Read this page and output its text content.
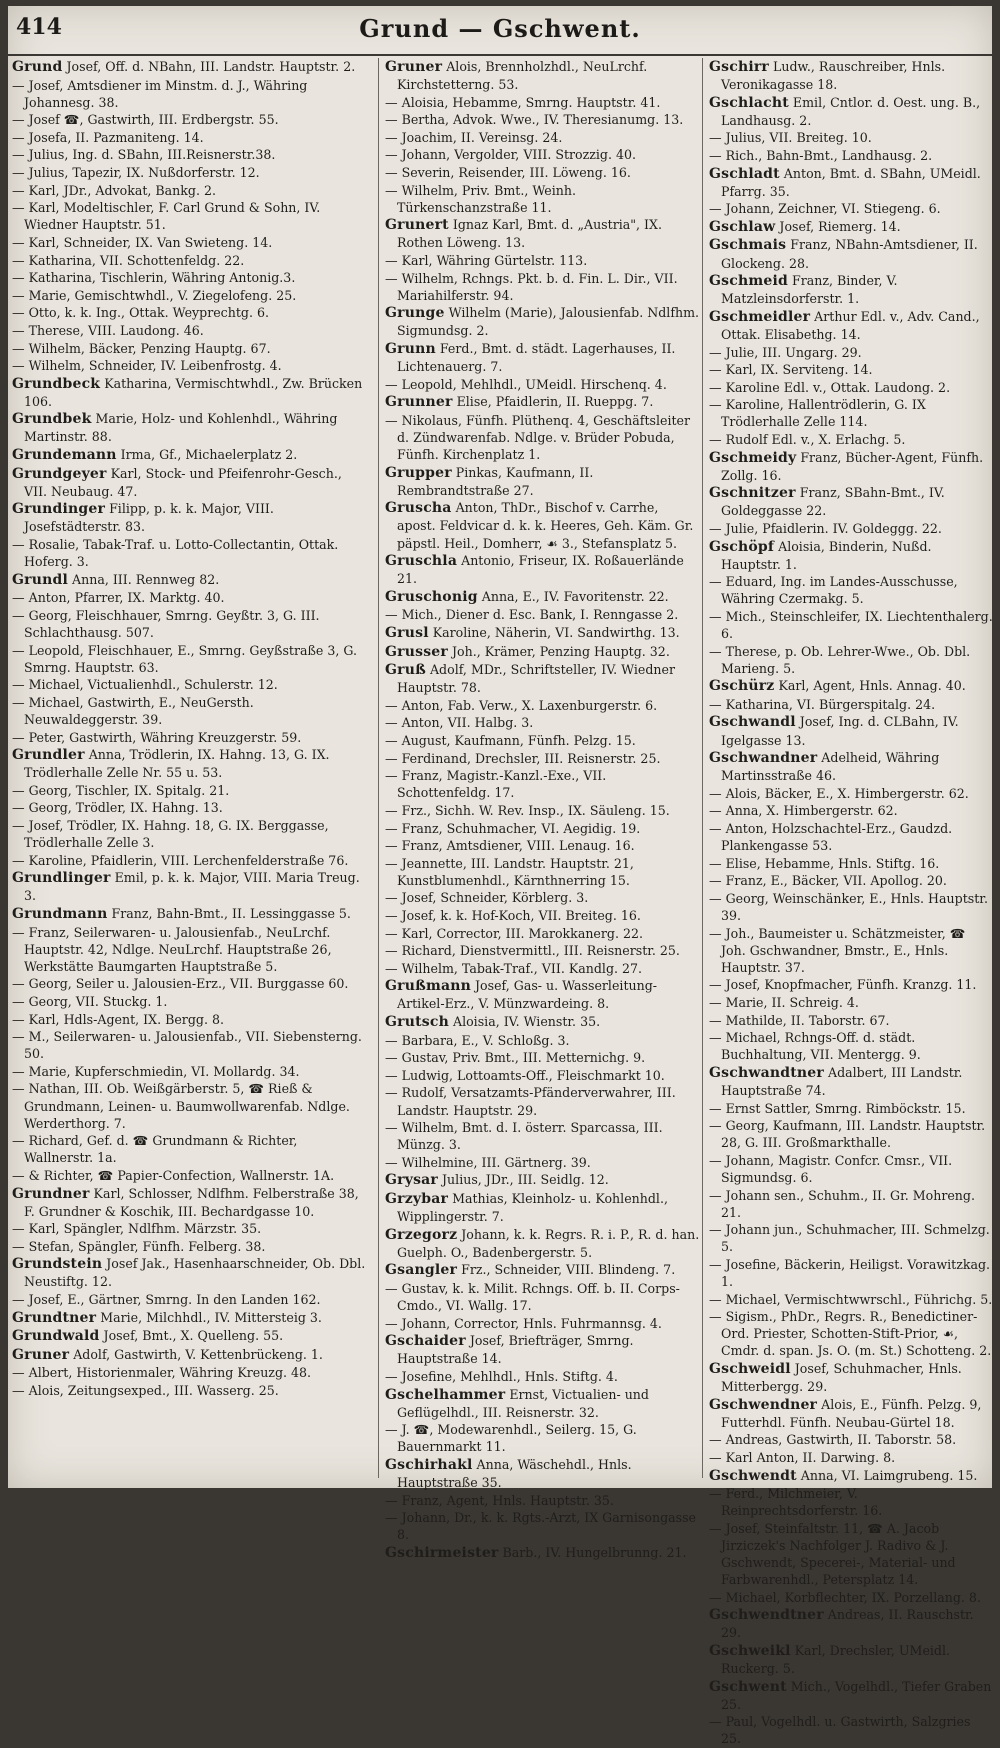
414	Grund — Gschwent.
Grund Josef, Off. d. NBahn, III. Landstr. Hauptstr. 2.
— Josef, Amtsdiener im Minstm. d. J., Währing Johannesg. 38.
— Josef ☎, Gastwirth, III. Erdbergstr. 55.
— Josefa, II. Pazmaniteng. 14.
— Julius, Ing. d. SBahn, III.Reisnerstr.38.
— Julius, Tapezir, IX. Nußdorferstr. 12.
— Karl, JDr., Advokat, Bankg. 2.
— Karl, Modeltischler, F. Carl Grund & Sohn, IV. Wiedner Hauptstr. 51.
— Karl, Schneider, IX. Van Swieteng. 14.
— Katharina, VII. Schottenfeldg. 22.
— Katharina, Tischlerin, Währing Antonig.3.
— Marie, Gemischtwhdl., V. Ziegelofeng. 25.
— Otto, k. k. Ing., Ottak. Weyprechtg. 6.
— Therese, VIII. Laudong. 46.
— Wilhelm, Bäcker, Penzing Hauptg. 67.
— Wilhelm, Schneider, IV. Leibenfrostg. 4.
Grundbeck Katharina, Vermischtwhdl., Zw. Brücken 106.
Grundbek Marie, Holz- und Kohlenhdl., Währing Martinstr. 88.
Grundemann Irma, Gf., Michaelerplatz 2.
Grundgeyer Karl, Stock- und Pfeifenrohr-Gesch., VII. Neubaug. 47.
Grundinger Filipp, p. k. k. Major, VIII. Josefstädterstr. 83.
— Rosalie, Tabak-Traf. u. Lotto-Collectantin, Ottak. Hoferg. 3.
Grundl Anna, III. Rennweg 82.
— Anton, Pfarrer, IX. Marktg. 40.
— Georg, Fleischhauer, Smrng. Geyßtr. 3, G. III. Schlachthausg. 507.
— Leopold, Fleischhauer, E., Smrng. Geyßstraße 3, G. Smrng. Hauptstr. 63.
— Michael, Victualienhdl., Schulerstr. 12.
— Michael, Gastwirth, E., NeuGersth. Neuwaldeggerstr. 39.
— Peter, Gastwirth, Währing Kreuzgerstr. 59.
Grundler Anna, Trödlerin, IX. Hahng. 13, G. IX. Trödlerhalle Zelle Nr. 55 u. 53.
— Georg, Tischler, IX. Spitalg. 21.
— Georg, Trödler, IX. Hahng. 13.
— Josef, Trödler, IX. Hahng. 18, G. IX. Berggasse, Trödlerhalle Zelle 3.
— Karoline, Pfaidlerin, VIII. Lerchenfelderstraße 76.
Grundlinger Emil, p. k. k. Major, VIII. Maria Treug. 3.
Grundmann Franz, Bahn-Bmt., II. Lessinggasse 5.
— Franz, Seilerwaren- u. Jalousienfab., NeuLrchf. Hauptstr. 42, Ndlge. NeuLrchf. Hauptstraße 26, Werkstätte Baumgarten Hauptstraße 5.
— Georg, Seiler u. Jalousien-Erz., VII. Burggasse 60.
— Georg, VII. Stuckg. 1.
— Karl, Hdls-Agent, IX. Bergg. 8.
— M., Seilerwaren- u. Jalousienfab., VII. Siebensterng. 50.
— Marie, Kupferschmiedin, VI. Mollardg. 34.
— Nathan, III. Ob. Weißgärberstr. 5, ☎ Rieß & Grundmann, Leinen- u. Baumwollwarenfab. Ndlge. Werderthorg. 7.
— Richard, Gef. d. ☎ Grundmann & Richter, Wallnerstr. 1a.
— & Richter, ☎ Papier-Confection, Wallnerstr. 1A.
Grundner Karl, Schlosser, Ndlfhm. Felberstraße 38, F. Grundner & Koschik, III. Bechardgasse 10.
— Karl, Spängler, Ndlfhm. Märzstr. 35.
— Stefan, Spängler, Fünfh. Felberg. 38.
Grundstein Josef Jak., Hasenhaarschneider, Ob. Dbl. Neustiftg. 12.
— Josef, E., Gärtner, Smrng. In den Landen 162.
Grundtner Marie, Milchhdl., IV. Mittersteig 3.
Grundwald Josef, Bmt., X. Quelleng. 55.
Gruner Adolf, Gastwirth, V. Kettenbrückeng. 1.
— Albert, Historienmaler, Währing Kreuzg. 48.
— Alois, Zeitungsexped., III. Wasserg. 25.
Gruner Alois, Brennholzhdl., NeuLrchf. Kirchstetterng. 53.
— Aloisia, Hebamme, Smrng. Hauptstr. 41.
— Bertha, Advok. Wwe., IV. Theresianumg. 13.
— Joachim, II. Vereinsg. 24.
— Johann, Vergolder, VIII. Strozzig. 40.
— Severin, Reisender, III. Löweng. 16.
— Wilhelm, Priv. Bmt., Weinh. Türkenschanzstraße 11.
Grunert Ignaz Karl, Bmt. d. „Austria", IX. Rothen Löweng. 13.
— Karl, Währing Gürtelstr. 113.
— Wilhelm, Rchngs. Pkt. b. d. Fin. L. Dir., VII. Mariahilferstr. 94.
Grunge Wilhelm (Marie), Jalousienfab. Ndlfhm. Sigmundsg. 2.
Grunn Ferd., Bmt. d. städt. Lagerhauses, II. Lichtenauerg. 7.
— Leopold, Mehlhdl., UMeidl. Hirschenq. 4.
Grunner Elise, Pfaidlerin, II. Rueppg. 7.
— Nikolaus, Fünfh. Plüthenq. 4, Geschäftsleiter d. Zündwarenfab. Ndlge. v. Brüder Pobuda, Fünfh. Kirchenplatz 1.
Grupper Pinkas, Kaufmann, II. Rembrandtstraße 27.
Gruscha Anton, ThDr., Bischof v. Carrhe, apost. Feldvicar d. k. k. Heeres, Geh. Käm. Gr. päpstl. Heil., Domherr, ☙ 3., Stefansplatz 5.
Gruschla Antonio, Friseur, IX. Roßauerlände 21.
Gruschonig Anna, E., IV. Favoritenstr. 22.
— Mich., Diener d. Esc. Bank, I. Renngasse 2.
Grusl Karoline, Näherin, VI. Sandwirthg. 13.
Grusser Joh., Krämer, Penzing Hauptg. 32.
Gruß Adolf, MDr., Schriftsteller, IV. Wiedner Hauptstr. 78.
— Anton, Fab. Verw., X. Laxenburgerstr. 6.
— Anton, VII. Halbg. 3.
— August, Kaufmann, Fünfh. Pelzg. 15.
— Ferdinand, Drechsler, III. Reisnerstr. 25.
— Franz, Magistr.-Kanzl.-Exe., VII. Schottenfeldg. 17.
— Frz., Sichh. W. Rev. Insp., IX. Säuleng. 15.
— Franz, Schuhmacher, VI. Aegidig. 19.
— Franz, Amtsdiener, VIII. Lenaug. 16.
— Jeannette, III. Landstr. Hauptstr. 21, Kunstblumenhdl., Kärnthnerring 15.
— Josef, Schneider, Körblerg. 3.
— Josef, k. k. Hof-Koch, VII. Breiteg. 16.
— Karl, Corrector, III. Marokkanerg. 22.
— Richard, Dienstvermittl., III. Reisnerstr. 25.
— Wilhelm, Tabak-Traf., VII. Kandlg. 27.
Grußmann Josef, Gas- u. Wasserleitung-Artikel-Erz., V. Münzwardeing. 8.
Grutsch Aloisia, IV. Wienstr. 35.
— Barbara, E., V. Schloßg. 3.
— Gustav, Priv. Bmt., III. Metternichg. 9.
— Ludwig, Lottoamts-Off., Fleischmarkt 10.
— Rudolf, Versatzamts-Pfänderverwahrer, III. Landstr. Hauptstr. 29.
— Wilhelm, Bmt. d. I. österr. Sparcassa, III. Münzg. 3.
— Wilhelmine, III. Gärtnerg. 39.
Grysar Julius, JDr., III. Seidlg. 12.
Grzybar Mathias, Kleinholz- u. Kohlenhdl., Wipplingerstr. 7.
Grzegorz Johann, k. k. Regrs. R. i. P., R. d. han. Guelph. O., Badenbergerstr. 5.
Gsangler Frz., Schneider, VIII. Blindeng. 7.
— Gustav, k. k. Milit. Rchngs. Off. b. II. Corps-Cmdo., VI. Wallg. 17.
— Johann, Corrector, Hnls. Fuhrmannsg. 4.
Gschaider Josef, Briefträger, Smrng. Hauptstraße 14.
— Josefine, Mehlhdl., Hnls. Stiftg. 4.
Gschelhammer Ernst, Victualien- und Geflügelhdl., III. Reisnerstr. 32.
— J. ☎, Modewarenhdl., Seilerg. 15, G. Bauernmarkt 11.
Gschirhakl Anna, Wäschehdl., Hnls. Hauptstraße 35.
— Franz, Agent, Hnls. Hauptstr. 35.
— Johann, Dr., k. k. Rgts.-Arzt, IX Garnisongasse 8.
Gschirmeister Barb., IV. Hungelbrunng. 21.
Gschirr Ludw., Rauschreiber, Hnls. Veronikagasse 18.
Gschlacht Emil, Cntlor. d. Oest. ung. B., Landhausg. 2.
— Julius, VII. Breiteg. 10.
— Rich., Bahn-Bmt., Landhausg. 2.
Gschladt Anton, Bmt. d. SBahn, UMeidl. Pfarrg. 35.
— Johann, Zeichner, VI. Stiegeng. 6.
Gschlaw Josef, Riemerg. 14.
Gschmais Franz, NBahn-Amtsdiener, II. Glockeng. 28.
Gschmeid Franz, Binder, V. Matzleinsdorferstr. 1.
Gschmeidler Arthur Edl. v., Adv. Cand., Ottak. Elisabethg. 14.
— Julie, III. Ungarg. 29.
— Karl, IX. Serviteng. 14.
— Karoline Edl. v., Ottak. Laudong. 2.
— Karoline, Hallentrödlerin, G. IX Trödlerhalle Zelle 114.
— Rudolf Edl. v., X. Erlachg. 5.
Gschmeidy Franz, Bücher-Agent, Fünfh. Zollg. 16.
Gschnitzer Franz, SBahn-Bmt., IV. Goldeggasse 22.
— Julie, Pfaidlerin. IV. Goldeggg. 22.
Gschöpf Aloisia, Binderin, Nußd. Hauptstr. 1.
— Eduard, Ing. im Landes-Ausschusse, Währing Czermakg. 5.
— Mich., Steinschleifer, IX. Liechtenthalerg. 6.
— Therese, p. Ob. Lehrer-Wwe., Ob. Dbl. Marieng. 5.
Gschürz Karl, Agent, Hnls. Annag. 40.
— Katharina, VI. Bürgerspitalg. 24.
Gschwandl Josef, Ing. d. CLBahn, IV. Igelgasse 13.
Gschwandner Adelheid, Währing Martinsstraße 46.
— Alois, Bäcker, E., X. Himbergerstr. 62.
— Anna, X. Himbergerstr. 62.
— Anton, Holzschachtel-Erz., Gaudzd. Plankengasse 53.
— Elise, Hebamme, Hnls. Stiftg. 16.
— Franz, E., Bäcker, VII. Apollog. 20.
— Georg, Weinschänker, E., Hnls. Hauptstr. 39.
— Joh., Baumeister u. Schätzmeister, ☎ Joh. Gschwandner, Bmstr., E., Hnls. Hauptstr. 37.
— Josef, Knopfmacher, Fünfh. Kranzg. 11.
— Marie, II. Schreig. 4.
— Mathilde, II. Taborstr. 67.
— Michael, Rchngs-Off. d. städt. Buchhaltung, VII. Mentergg. 9.
Gschwandtner Adalbert, III Landstr. Hauptstraße 74.
— Ernst Sattler, Smrng. Rimböckstr. 15.
— Georg, Kaufmann, III. Landstr. Hauptstr. 28, G. III. Großmarkthalle.
— Johann, Magistr. Confcr. Cmsr., VII. Sigmundsg. 6.
— Johann sen., Schuhm., II. Gr. Mohreng. 21.
— Johann jun., Schuhmacher, III. Schmelzg. 5.
— Josefine, Bäckerin, Heiligst. Vorawitzkag. 1.
— Michael, Vermischtwwrschl., Führichg. 5.
— Sigism., PhDr., Regrs. R., Benedictiner-Ord. Priester, Schotten-Stift-Prior, ☙, Cmdr. d. span. Js. O. (m. St.) Schotteng. 2.
Gschweidl Josef, Schuhmacher, Hnls. Mitterbergg. 29.
Gschwendner Alois, E., Fünfh. Pelzg. 9, Futterhdl. Fünfh. Neubau-Gürtel 18.
— Andreas, Gastwirth, II. Taborstr. 58.
— Karl Anton, II. Darwing. 8.
Gschwendt Anna, VI. Laimgrubeng. 15.
— Ferd., Milchmeier, V. Reinprechtsdorferstr. 16.
— Josef, Steinfaltstr. 11, ☎ A. Jacob Jirziczek's Nachfolger J. Radivo & J. Gschwendt, Specerei-, Material- und Farbwarenhdl., Petersplatz 14.
— Michael, Korbflechter, IX. Porzellang. 8.
Gschwendtner Andreas, II. Rauschstr. 29.
Gschweikl Karl, Drechsler, UMeidl. Ruckerg. 5.
Gschwent Mich., Vogelhdl., Tiefer Graben 25.
— Paul, Vogelhdl. u. Gastwirth, Salzgries 25.
